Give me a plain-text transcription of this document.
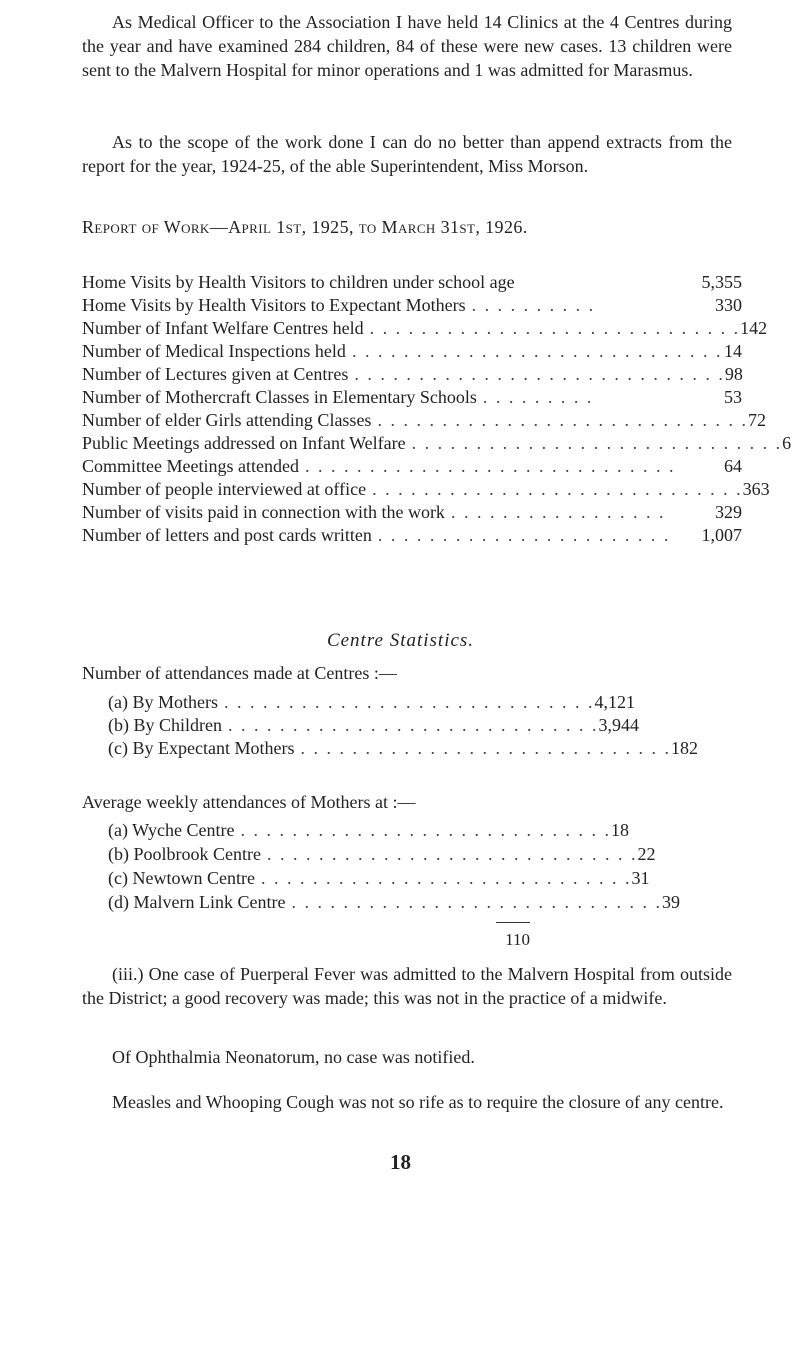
As Medical Officer to the Association I have held 14 Clinics at the 4 Centres during the year and have examined 284 children, 84 of these were new cases. 13 children were sent to the Malvern Hospital for minor operations and 1 was admitted for Marasmus.

As to the scope of the work done I can do no better than append extracts from the report for the year, 1924-25, of the able Superintendent, Miss Morson.

Report of Work—April 1st, 1925, to March 31st, 1926.

Home Visits by Health Visitors to children under school age	5,355
Home Visits by Health Visitors to Expectant Mothers . . . . . . . . . .	330
Number of Infant Welfare Centres held . . . . . . . . . . . . . . . . . . . . . . . . . . . . . 142
Number of Medical Inspections held . . . . . . . . . . . . . . . . . . . . . . . . . . . . . 14
Number of Lectures given at Centres . . . . . . . . . . . . . . . . . . . . . . . . . . . . . 98
Number of Mothercraft Classes in Elementary Schools . . . . . . . . .	53
Number of elder Girls attending Classes . . . . . . . . . . . . . . . . . . . . . . . . . . . . . 72
Public Meetings addressed on Infant Welfare . . . . . . . . . . . . . . . . . . . . . . . . . . . . . 6
Committee Meetings attended . . . . . . . . . . . . . . . . . . . . . . . . . . . . .	64
Number of people interviewed at office . . . . . . . . . . . . . . . . . . . . . . . . . . . . . 363
Number of visits paid in connection with the work . . . . . . . . . . . . . . . . .	329
Number of letters and post cards written . . . . . . . . . . . . . . . . . . . . . . .	1,007

Centre Statistics.

Number of attendances made at Centres :—

(a) By Mothers . . . . . . . . . . . . . . . . . . . . . . . . . . . . . 4,121
(b) By Children . . . . . . . . . . . . . . . . . . . . . . . . . . . . . 3,944
(c) By Expectant Mothers . . . . . . . . . . . . . . . . . . . . . . . . . . . . . 182

Average weekly attendances of Mothers at :—

(a) Wyche Centre . . . . . . . . . . . . . . . . . . . . . . . . . . . . . 18
(b) Poolbrook Centre . . . . . . . . . . . . . . . . . . . . . . . . . . . . . 22
(c) Newtown Centre . . . . . . . . . . . . . . . . . . . . . . . . . . . . . 31
(d) Malvern Link Centre . . . . . . . . . . . . . . . . . . . . . . . . . . . . . 39
110

(iii.) One case of Puerperal Fever was admitted to the Malvern Hospital from outside the District; a good recovery was made; this was not in the practice of a midwife.

Of Ophthalmia Neonatorum, no case was notified.

Measles and Whooping Cough was not so rife as to require the closure of any centre.

18
